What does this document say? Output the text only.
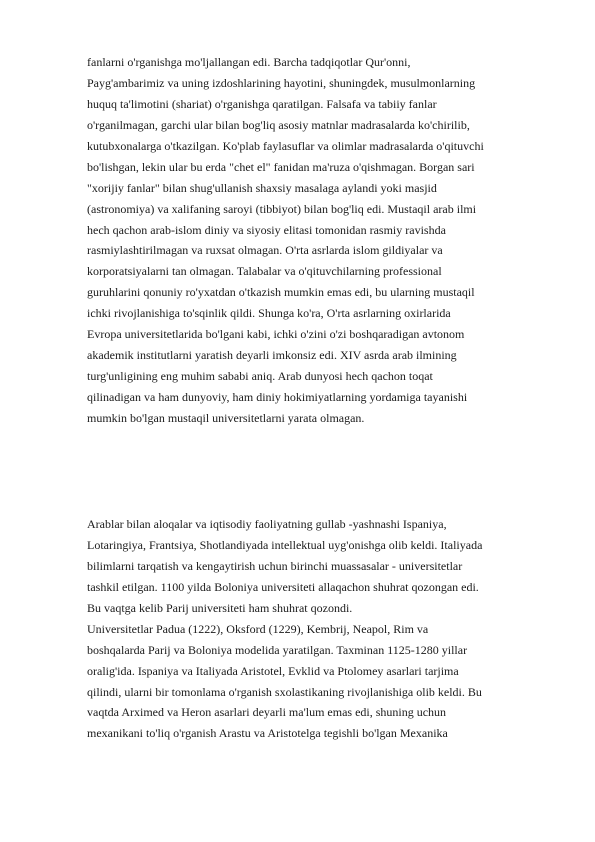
fanlarni o'rganishga mo'ljallangan edi. Barcha tadqiqotlar Qur'onni,
Payg'ambarimiz va uning izdoshlarining hayotini, shuningdek, musulmonlarning
huquq ta'limotini (shariat) o'rganishga qaratilgan. Falsafa va tabiiy fanlar
o'rganilmagan, garchi ular bilan bog'liq asosiy matnlar madrasalarda ko'chirilib,
kutubxonalarga o'tkazilgan. Ko'plab faylasuflar va olimlar madrasalarda o'qituvchi
bo'lishgan, lekin ular bu erda "chet el" fanidan ma'ruza o'qishmagan. Borgan sari
"xorijiy fanlar" bilan shug'ullanish shaxsiy masalaga aylandi yoki masjid
(astronomiya) va xalifaning saroyi (tibbiyot) bilan bog'liq edi. Mustaqil arab ilmi
hech qachon arab-islom diniy va siyosiy elitasi tomonidan rasmiy ravishda
rasmiylashtirilmagan va ruxsat olmagan. O'rta asrlarda islom gildiyalar va
korporatsiyalarni tan olmagan. Talabalar va o'qituvchilarning professional
guruhlarini qonuniy ro'yxatdan o'tkazish mumkin emas edi, bu ularning mustaqil
ichki rivojlanishiga to'sqinlik qildi. Shunga ko'ra, O'rta asrlarning oxirlarida
Evropa universitetlarida bo'lgani kabi, ichki o'zini o'zi boshqaradigan avtonom
akademik institutlarni yaratish deyarli imkonsiz edi. XIV asrda arab ilmining
turg'unligining eng muhim sababi aniq. Arab dunyosi hech qachon toqat
qilinadigan va ham dunyoviy, ham diniy hokimiyatlarning yordamiga tayanishi
mumkin bo'lgan mustaqil universitetlarni yarata olmagan.
Arablar bilan aloqalar va iqtisodiy faoliyatning gullab -yashnashi Ispaniya,
Lotaringiya, Frantsiya, Shotlandiyada intellektual uyg'onishga olib keldi. Italiyada
bilimlarni tarqatish va kengaytirish uchun birinchi muassasalar - universitetlar
tashkil etilgan. 1100 yilda Boloniya universiteti allaqachon shuhrat qozongan edi.
Bu vaqtga kelib Parij universiteti ham shuhrat qozondi.
Universitetlar Padua (1222), Oksford (1229), Kembrij, Neapol, Rim va
boshqalarda Parij va Boloniya modelida yaratilgan. Taxminan 1125-1280 yillar
oralig'ida. Ispaniya va Italiyada Aristotel, Evklid va Ptolomey asarlari tarjima
qilindi, ularni bir tomonlama o'rganish sxolastikaning rivojlanishiga olib keldi. Bu
vaqtda Arximed va Heron asarlari deyarli ma'lum emas edi, shuning uchun
mexanikani to'liq o'rganish Arastu va Aristotelga tegishli bo'lgan Mexanika
